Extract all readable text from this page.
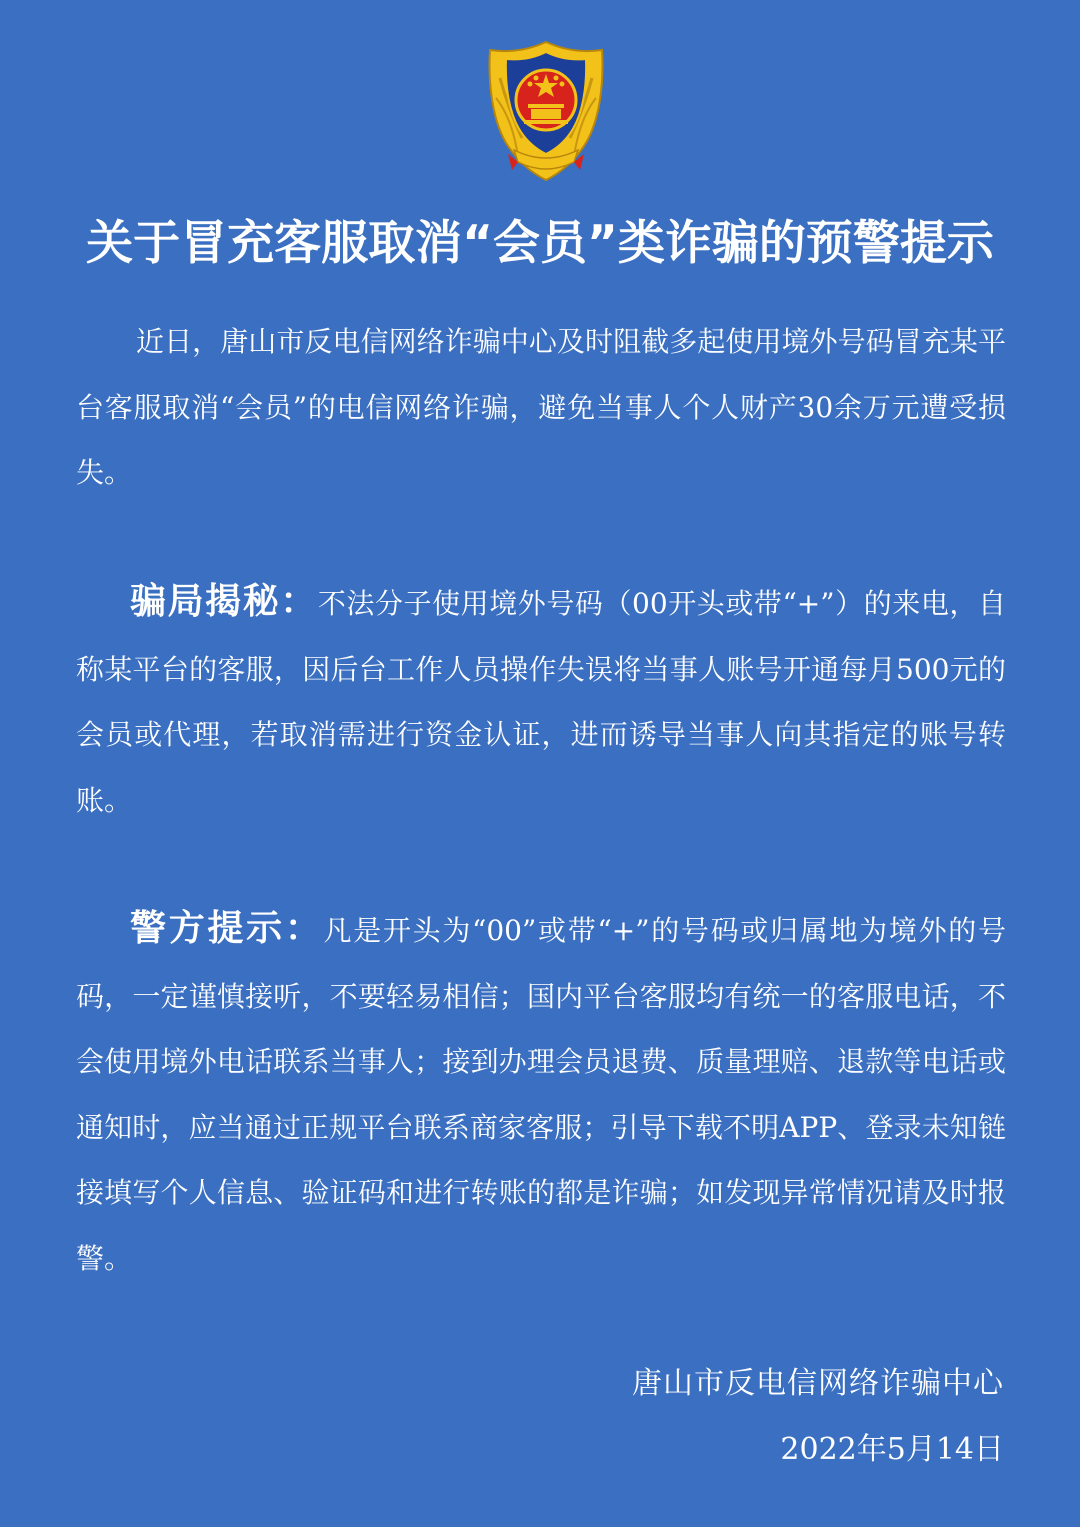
关于冒充客服取消“会员”类诈骗的预警提示
近日，唐山市反电信网络诈骗中心及时阻截多起使用境外号码冒充某平台客服取消“会员”的电信网络诈骗，避免当事人个人财产30余万元遭受损失。
骗局揭秘：不法分子使用境外号码（00开头或带“+”）的来电，自称某平台的客服，因后台工作人员操作失误将当事人账号开通每月500元的会员或代理，若取消需进行资金认证，进而诱导当事人向其指定的账号转账。
警方提示：凡是开头为“00”或带“+”的号码或归属地为境外的号码，一定谨慎接听，不要轻易相信；国内平台客服均有统一的客服电话，不会使用境外电话联系当事人；接到办理会员退费、质量理赔、退款等电话或通知时，应当通过正规平台联系商家客服；引导下载不明APP、登录未知链接填写个人信息、验证码和进行转账的都是诈骗；如发现异常情况请及时报警。
唐山市反电信网络诈骗中心
2022年5月14日
